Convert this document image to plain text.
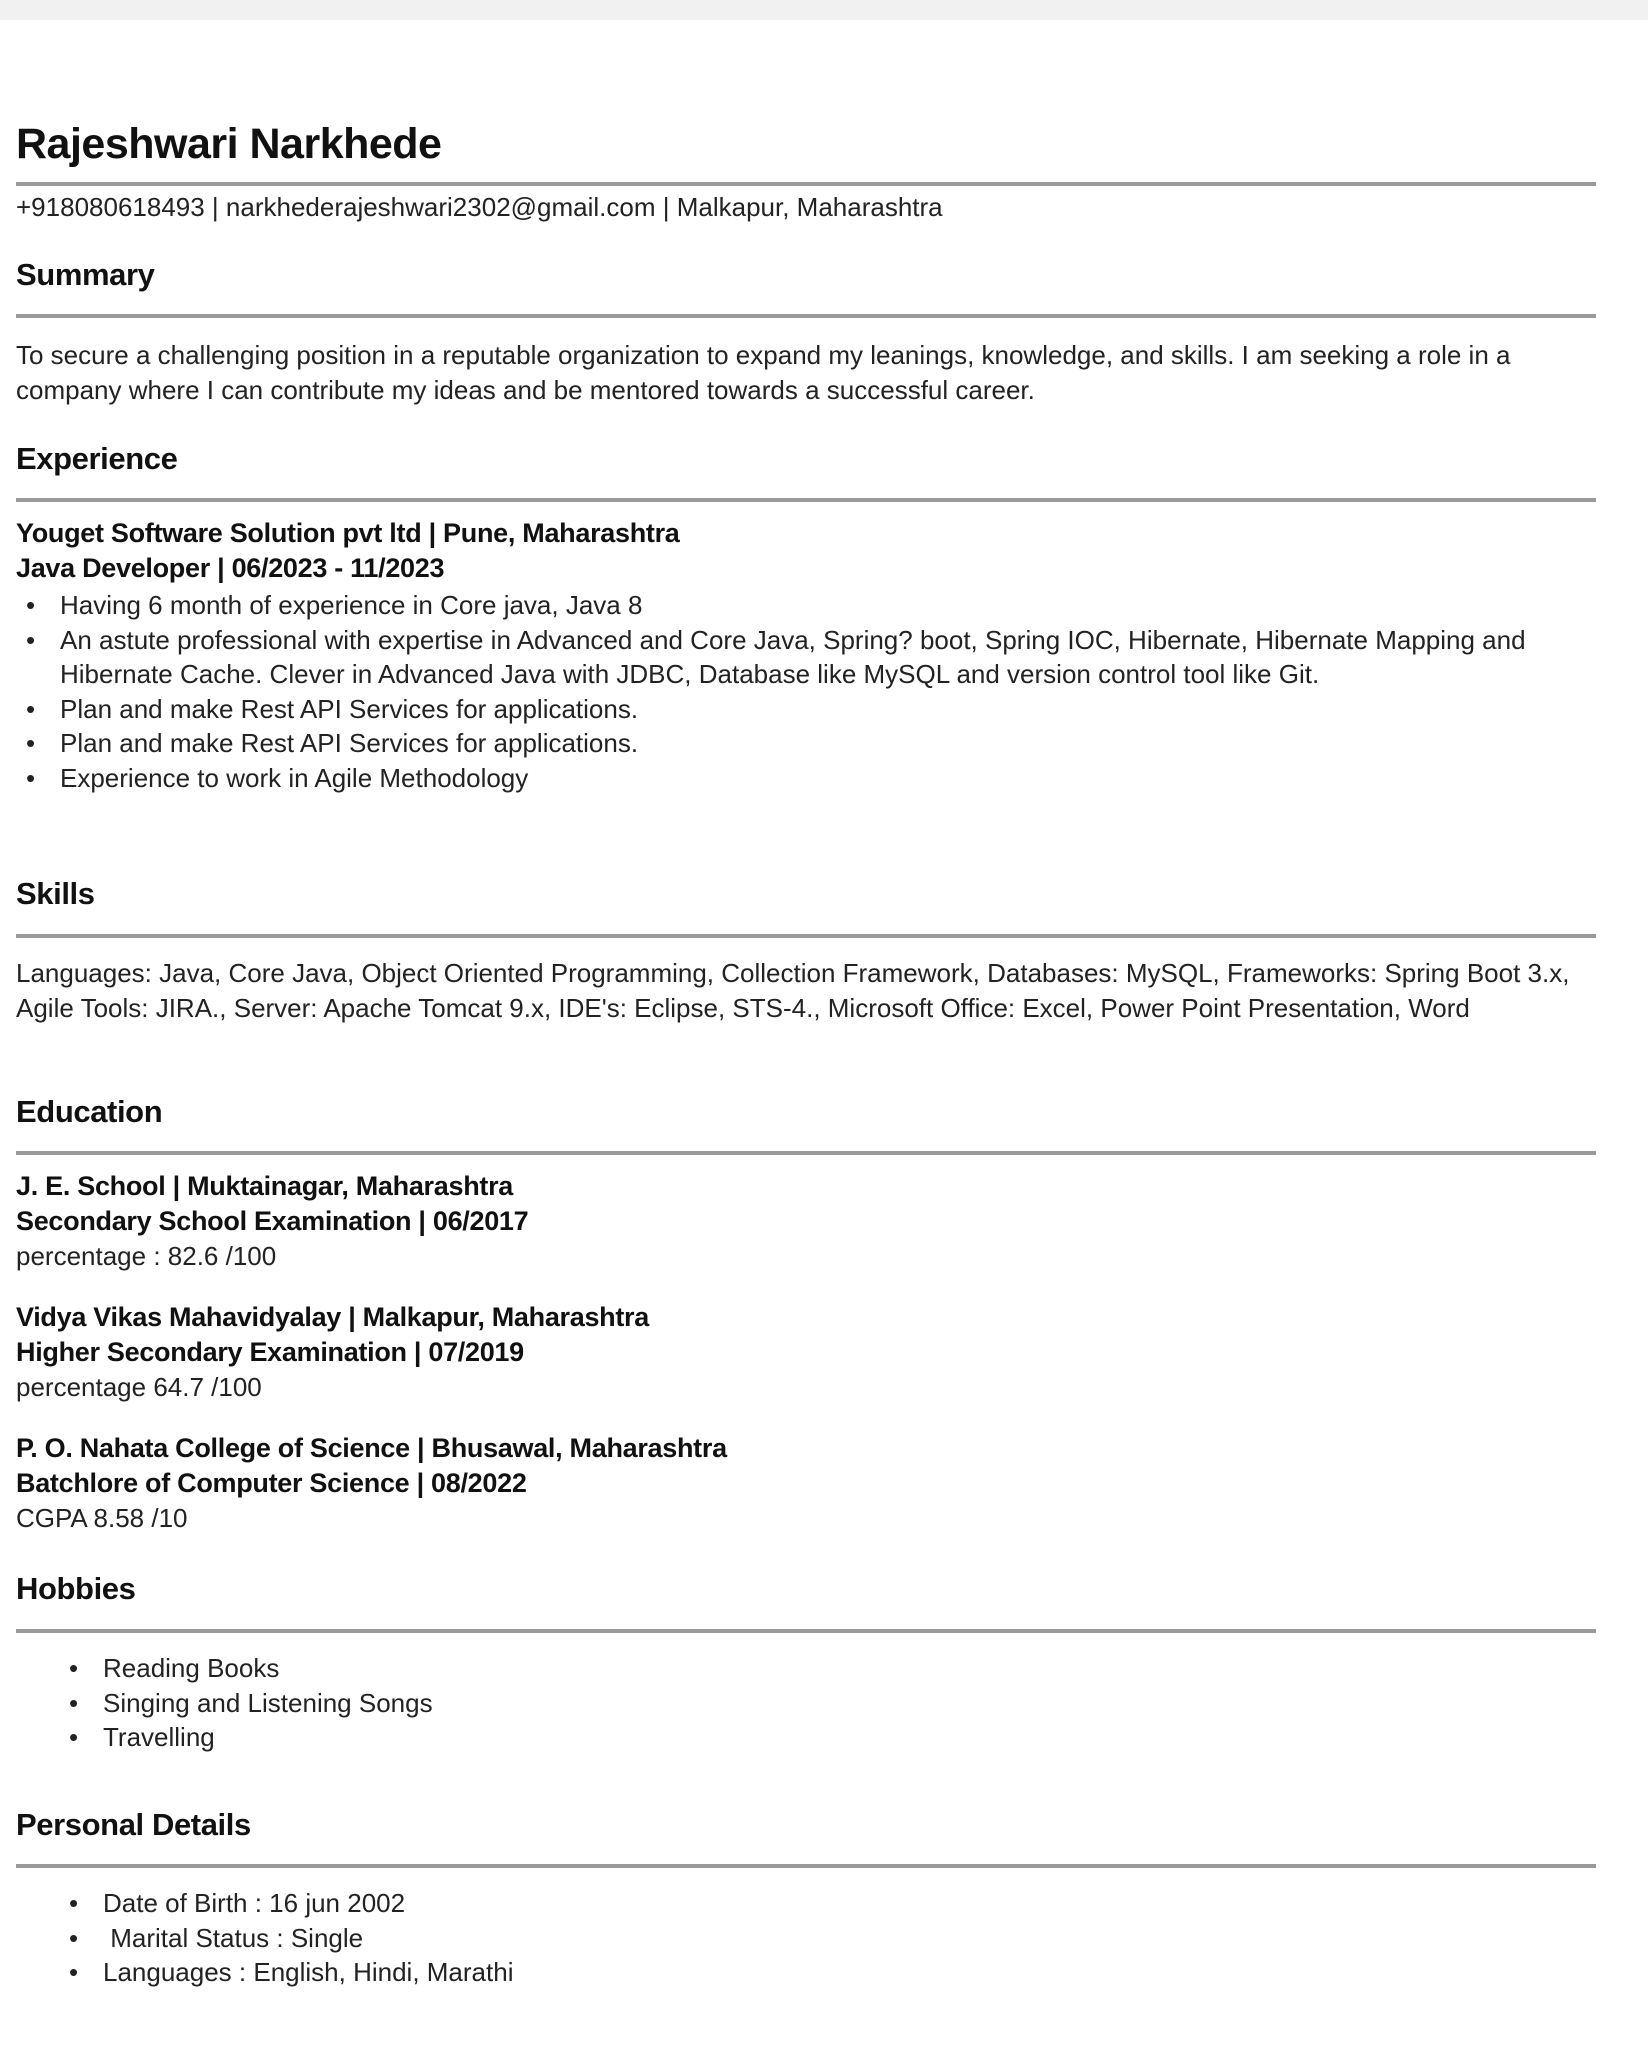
Rajeshwari Narkhede
+918080618493 | narkhederajeshwari2302@gmail.com | Malkapur, Maharashtra
Summary

To secure a challenging position in a reputable organization to expand my leanings, knowledge, and skills. I am seeking a role in a company where I can contribute my ideas and be mentored towards a successful career.

Experience
Youget Software Solution pvt ltd | Pune, Maharashtra
Java Developer | 06/2023 - 11/2023
• Having 6 month of experience in Core java, Java 8
• An astute professional with expertise in Advanced and Core Java, Spring? boot, Spring IOC, Hibernate, Hibernate Mapping and Hibernate Cache. Clever in Advanced Java with JDBC, Database like MySQL and version control tool like Git.
• Plan and make Rest API Services for applications.
• Plan and make Rest API Services for applications.
• Experience to work in Agile Methodology
Skills

Languages: Java, Core Java, Object Oriented Programming, Collection Framework, Databases: MySQL, Frameworks: Spring Boot 3.x, Agile Tools: JIRA., Server: Apache Tomcat 9.x, IDE's: Eclipse, STS-4., Microsoft Office: Excel, Power Point Presentation, Word

Education
J. E. School | Muktainagar, Maharashtra
Secondary School Examination | 06/2017
percentage : 82.6 /100
Vidya Vikas Mahavidyalay | Malkapur, Maharashtra
Higher Secondary Examination | 07/2019
percentage 64.7 /100
P. O. Nahata College of Science | Bhusawal, Maharashtra
Batchlore of Computer Science | 08/2022
CGPA 8.58 /10
Hobbies
• Reading Books
• Singing and Listening Songs
• Travelling
Personal Details
• Date of Birth : 16 jun 2002
• Marital Status : Single
• Languages : English, Hindi, Marathi
